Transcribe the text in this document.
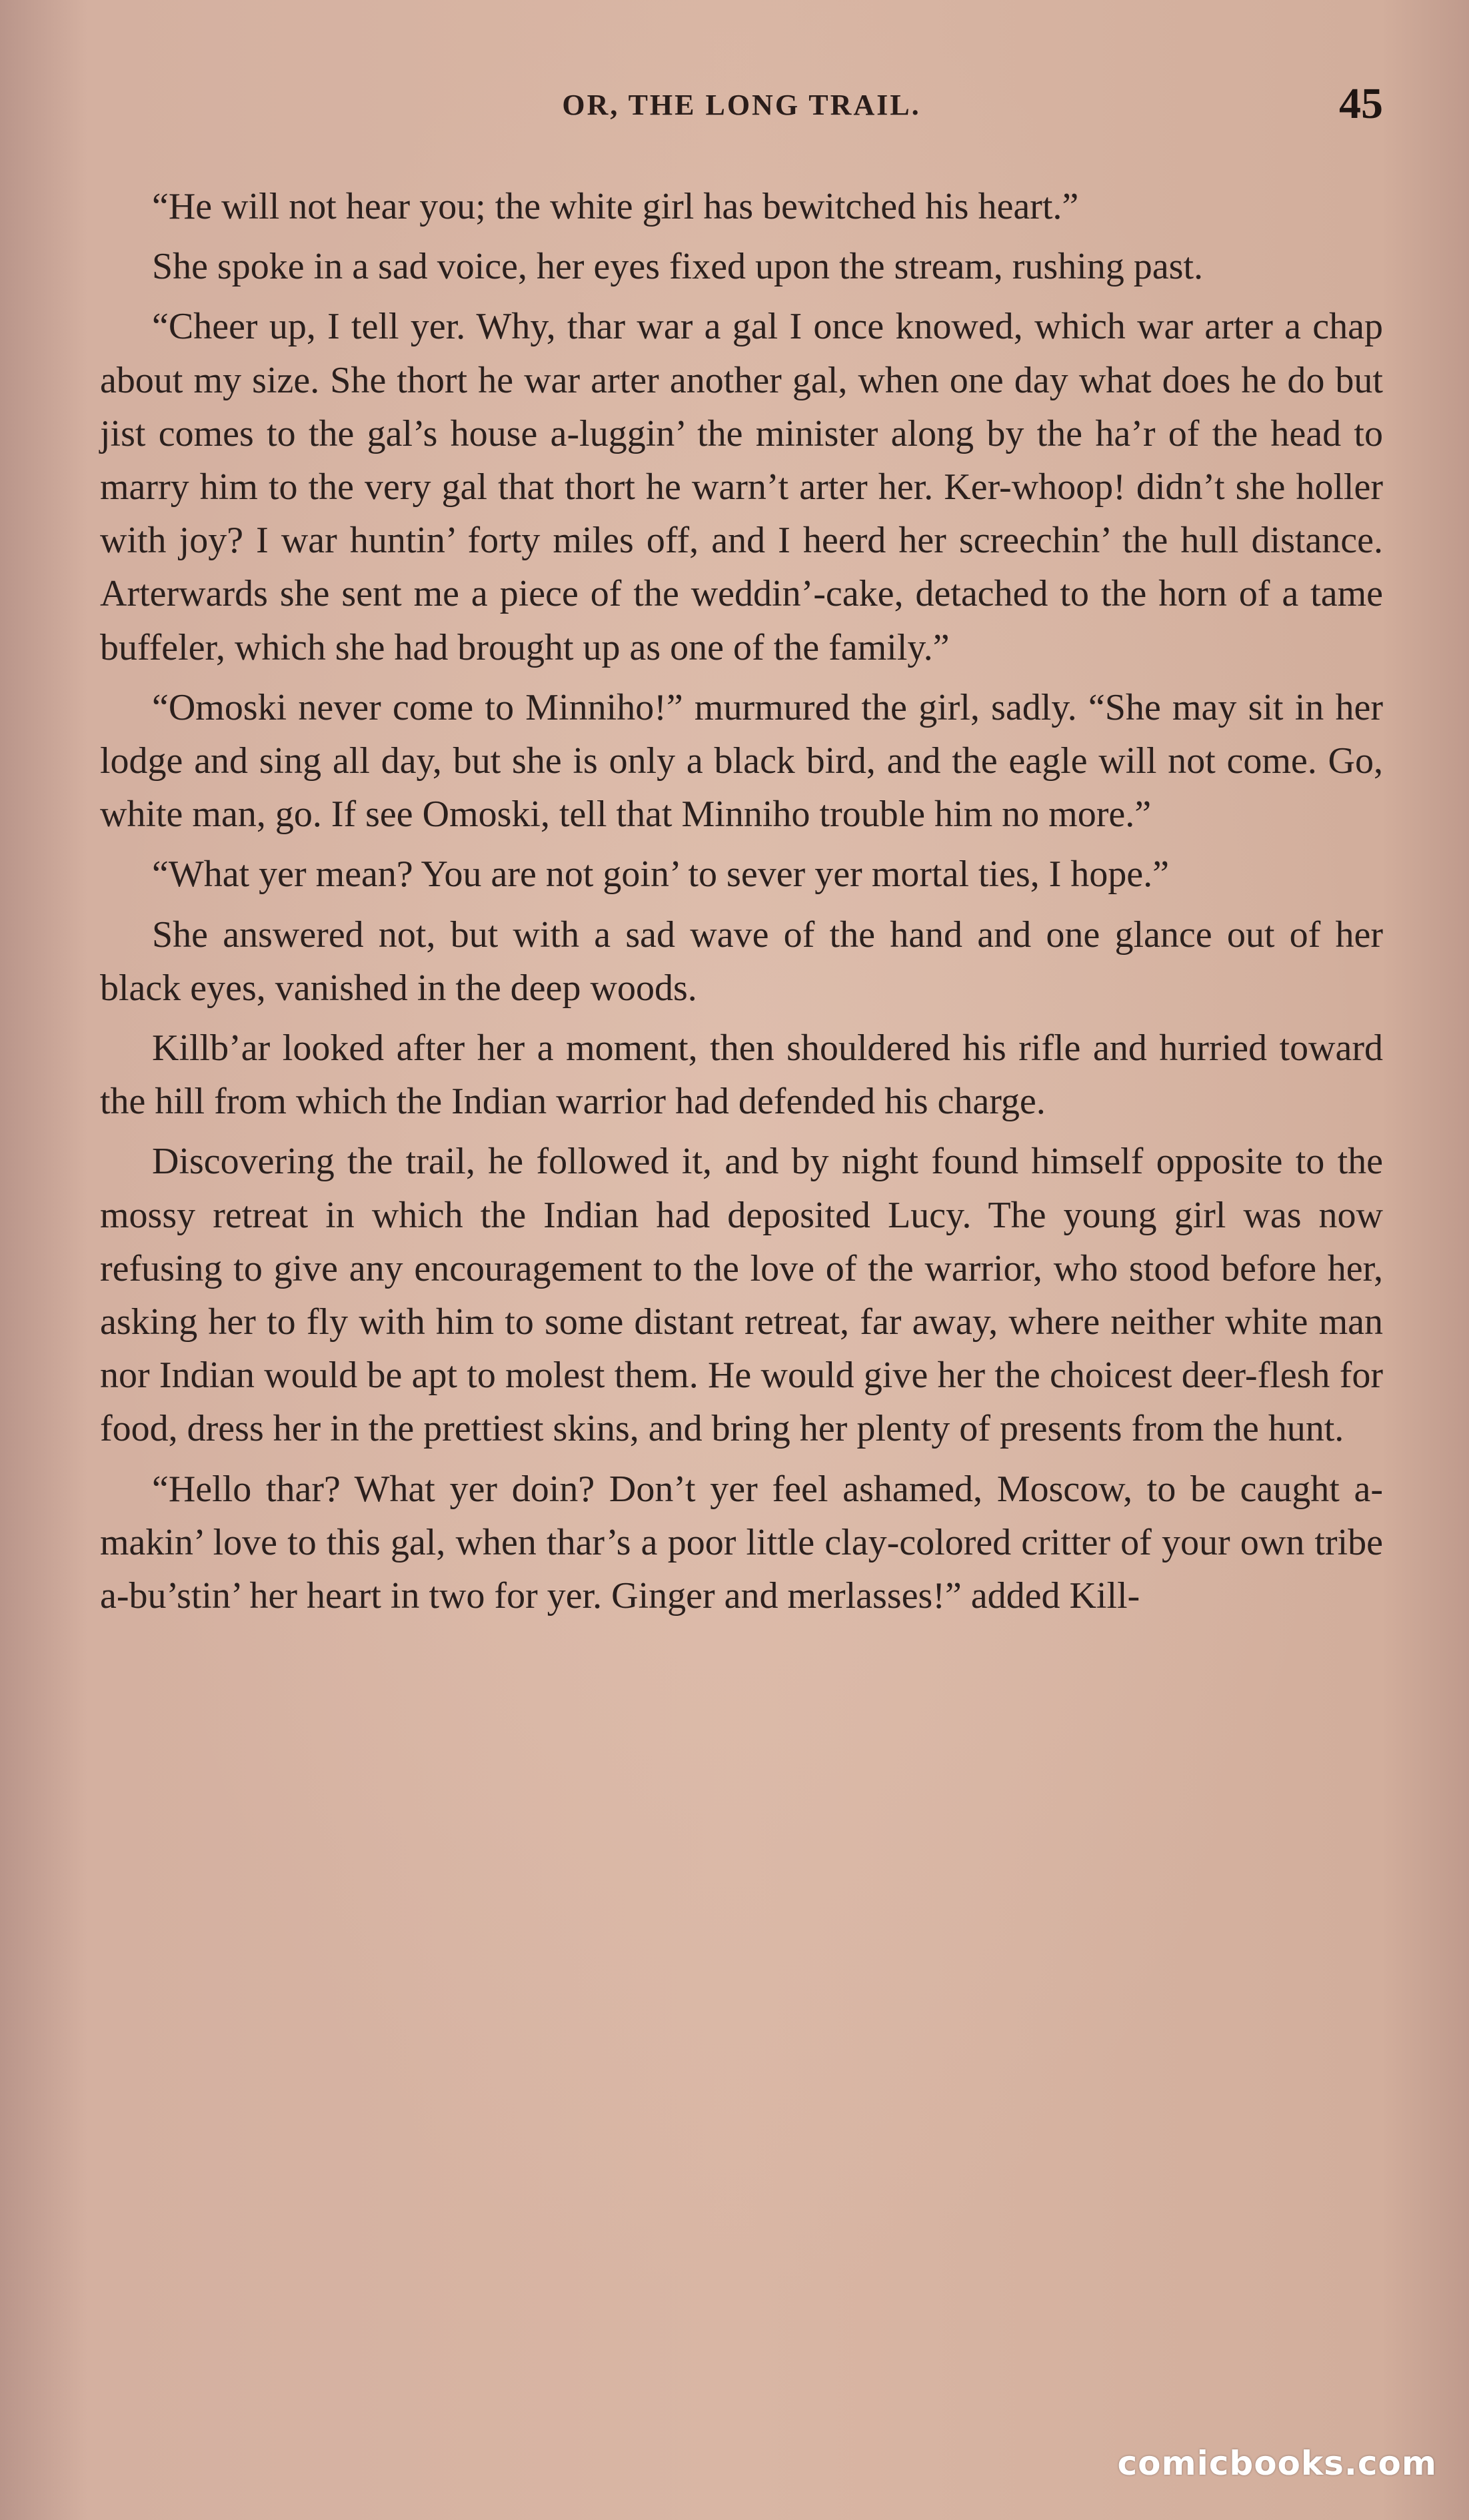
OR, THE LONG TRAIL.	45

“He will not hear you; the white girl has bewitched his heart.”

She spoke in a sad voice, her eyes fixed upon the stream, rushing past.

“Cheer up, I tell yer. Why, thar war a gal I once knowed, which war arter a chap about my size. She thort he war arter another gal, when one day what does he do but jist comes to the gal’s house a-luggin’ the minister along by the ha’r of the head to marry him to the very gal that thort he warn’t arter her. Ker-whoop! didn’t she holler with joy? I war huntin’ forty miles off, and I heerd her screechin’ the hull distance. Arterwards she sent me a piece of the weddin’-cake, detached to the horn of a tame buffeler, which she had brought up as one of the family.”

“Omoski never come to Minniho!” murmured the girl, sadly. “She may sit in her lodge and sing all day, but she is only a black bird, and the eagle will not come. Go, white man, go. If see Omoski, tell that Minniho trouble him no more.”

“What yer mean? You are not goin’ to sever yer mortal ties, I hope.”

She answered not, but with a sad wave of the hand and one glance out of her black eyes, vanished in the deep woods.

Killb’ar looked after her a moment, then shouldered his rifle and hurried toward the hill from which the Indian warrior had defended his charge.

Discovering the trail, he followed it, and by night found himself opposite to the mossy retreat in which the Indian had deposited Lucy. The young girl was now refusing to give any encouragement to the love of the warrior, who stood before her, asking her to fly with him to some distant retreat, far away, where neither white man nor Indian would be apt to molest them. He would give her the choicest deer-flesh for food, dress her in the prettiest skins, and bring her plenty of presents from the hunt.

“Hello thar? What yer doin? Don’t yer feel ashamed, Moscow, to be caught a-makin’ love to this gal, when thar’s a poor little clay-colored critter of your own tribe a-bu’stin’ her heart in two for yer. Ginger and merlasses!” added Kill-

comicbooks.com
